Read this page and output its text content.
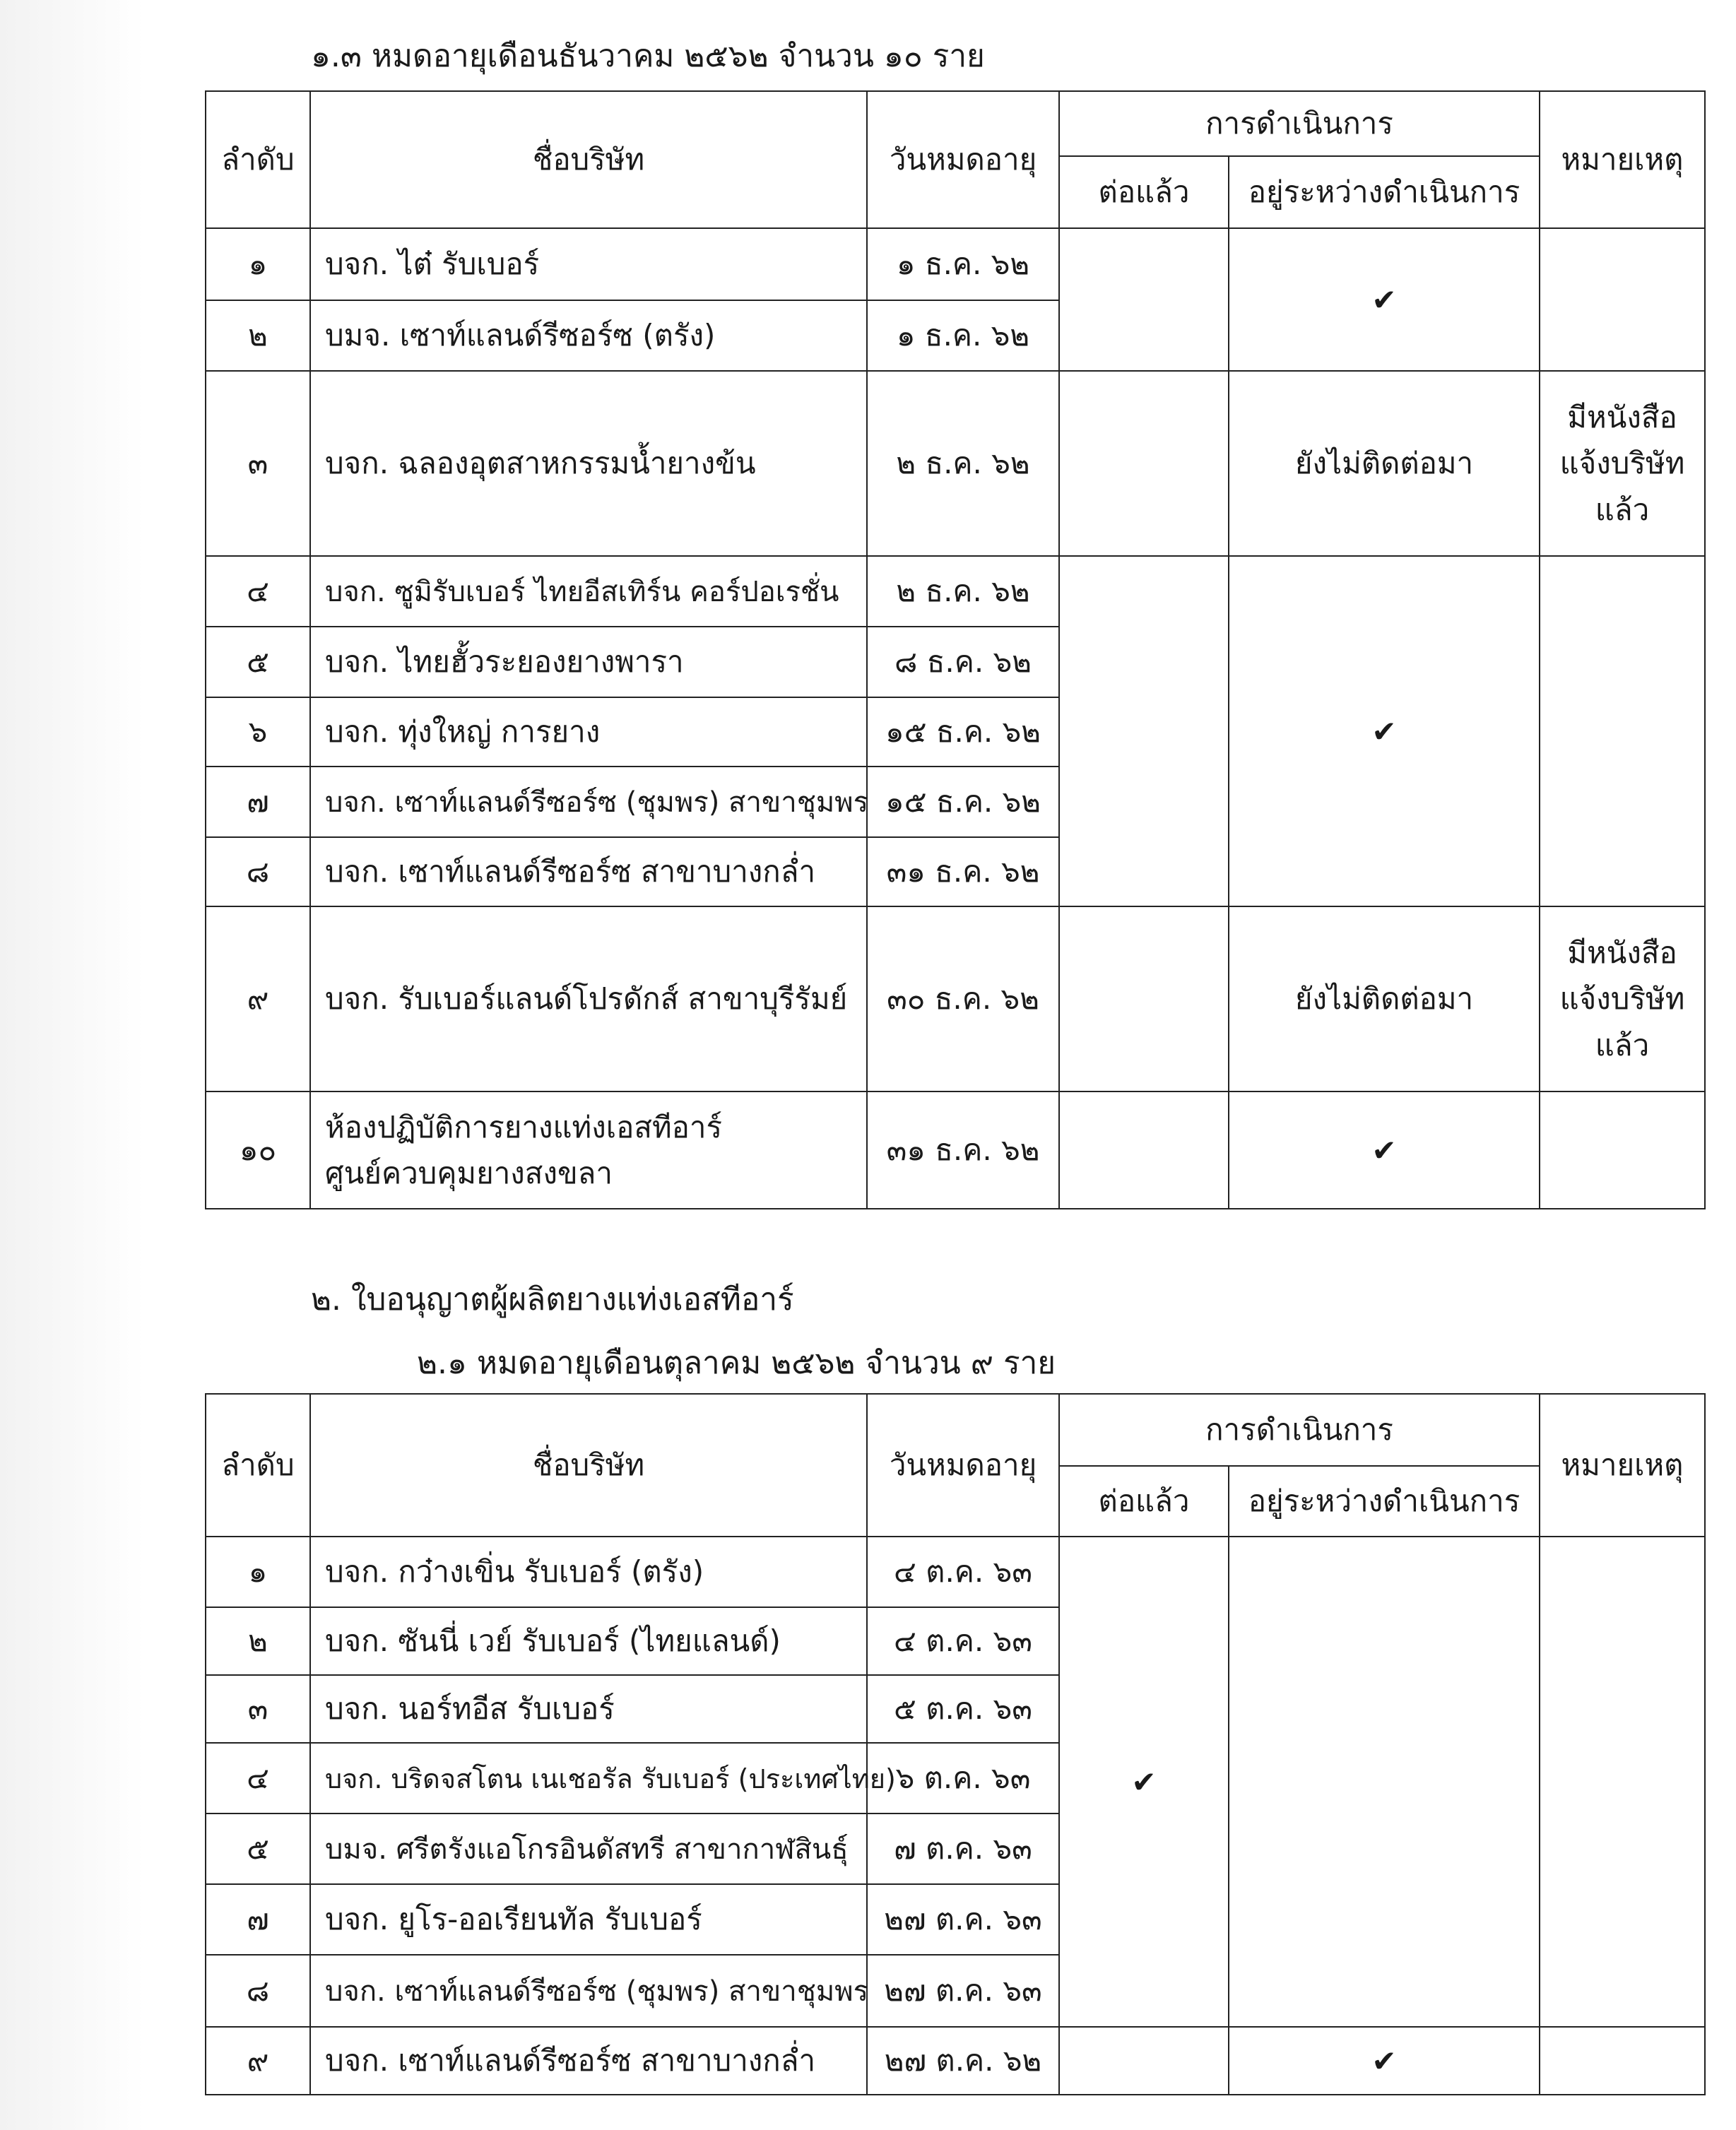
๑.๓ หมดอายุเดือนธันวาคม ๒๕๖๒ จำนวน ๑๐ ราย
ลำดับ	ชื่อบริษัท	วันหมดอายุ	การดำเนินการ		หมายเหตุ
			ต่อแล้ว	อยู่ระหว่างดำเนินการ	
๑	บจก. ไต๋ รับเบอร์	๑ ธ.ค. ๖๒		✔	
๒	บมจ. เซาท์แลนด์รีซอร์ซ (ตรัง)	๑ ธ.ค. ๖๒			
๓	บจก. ฉลองอุตสาหกรรมน้ำยางข้น	๒ ธ.ค. ๖๒		ยังไม่ติดต่อมา	มีหนังสือ
แจ้งบริษัท
แล้ว

๔	บจก. ซูมิรับเบอร์ ไทยอีสเทิร์น คอร์ปอเรชั่น	๒ ธ.ค. ๖๒		✔	
๕	บจก. ไทยฮั้วระยองยางพารา	๘ ธ.ค. ๖๒			
๖	บจก. ทุ่งใหญ่ การยาง	๑๕ ธ.ค. ๖๒			
๗	บจก. เซาท์แลนด์รีซอร์ซ (ชุมพร) สาขาชุมพร	๑๕ ธ.ค. ๖๒			
๘	บจก. เซาท์แลนด์รีซอร์ซ สาขาบางกล่ำ	๓๑ ธ.ค. ๖๒			
๙	บจก. รับเบอร์แลนด์โปรดักส์ สาขาบุรีรัมย์	๓๐ ธ.ค. ๖๒		ยังไม่ติดต่อมา	มีหนังสือ
แจ้งบริษัท
แล้ว

๑๐	ห้องปฏิบัติการยางแท่งเอสทีอาร์
ศูนย์ควบคุมยางสงขลา	๓๑ ธ.ค. ๖๒		✔	
๒. ใบอนุญาตผู้ผลิตยางแท่งเอสทีอาร์
๒.๑ หมดอายุเดือนตุลาคม ๒๕๖๒ จำนวน ๙ ราย
ลำดับ	ชื่อบริษัท	วันหมดอายุ	การดำเนินการ		หมายเหตุ
			ต่อแล้ว	อยู่ระหว่างดำเนินการ	
๑	บจก. กว๋างเขิ่น รับเบอร์ (ตรัง)	๔ ต.ค. ๖๓	✔		
๒	บจก. ซันนี่ เวย์ รับเบอร์ (ไทยแลนด์)	๔ ต.ค. ๖๓			
๓	บจก. นอร์ทอีส รับเบอร์	๕ ต.ค. ๖๓			
๔	บจก. บริดจสโตน เนเชอรัล รับเบอร์ (ประเทศไทย)	๖ ต.ค. ๖๓			
๕	บมจ. ศรีตรังแอโกรอินดัสทรี สาขากาฬสินธุ์	๗ ต.ค. ๖๓			
๗	บจก. ยูโร-ออเรียนทัล รับเบอร์	๒๗ ต.ค. ๖๓			
๘	บจก. เซาท์แลนด์รีซอร์ซ (ชุมพร) สาขาชุมพร	๒๗ ต.ค. ๖๓			
๙	บจก. เซาท์แลนด์รีซอร์ซ สาขาบางกล่ำ	๒๗ ต.ค. ๖๒		✔	
